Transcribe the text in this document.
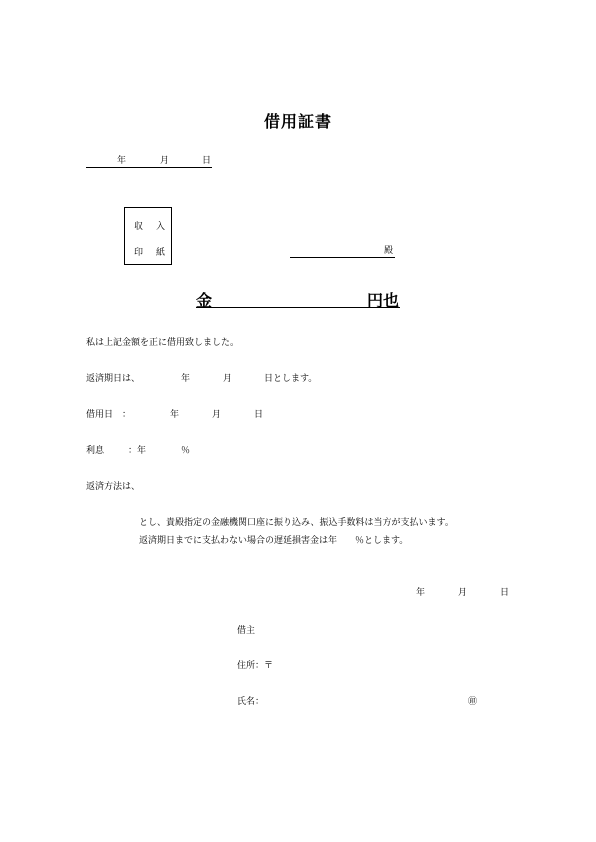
借用証書
年	月	日
収 入
印 紙	殿
金	円也
私は上記金額を正に借用致しました。
返済期日は、	年	月	日とします。
借用日　：	年	月	日
利息	：年	％
返済方法は、
とし、貴殿指定の金融機関口座に振り込み、振込手数料は当方が支払います。
返済期日までに支払わない場合の遅延損害金は年　　％とします。
年	月	日
借主
住所：〒
氏名：	㊞
